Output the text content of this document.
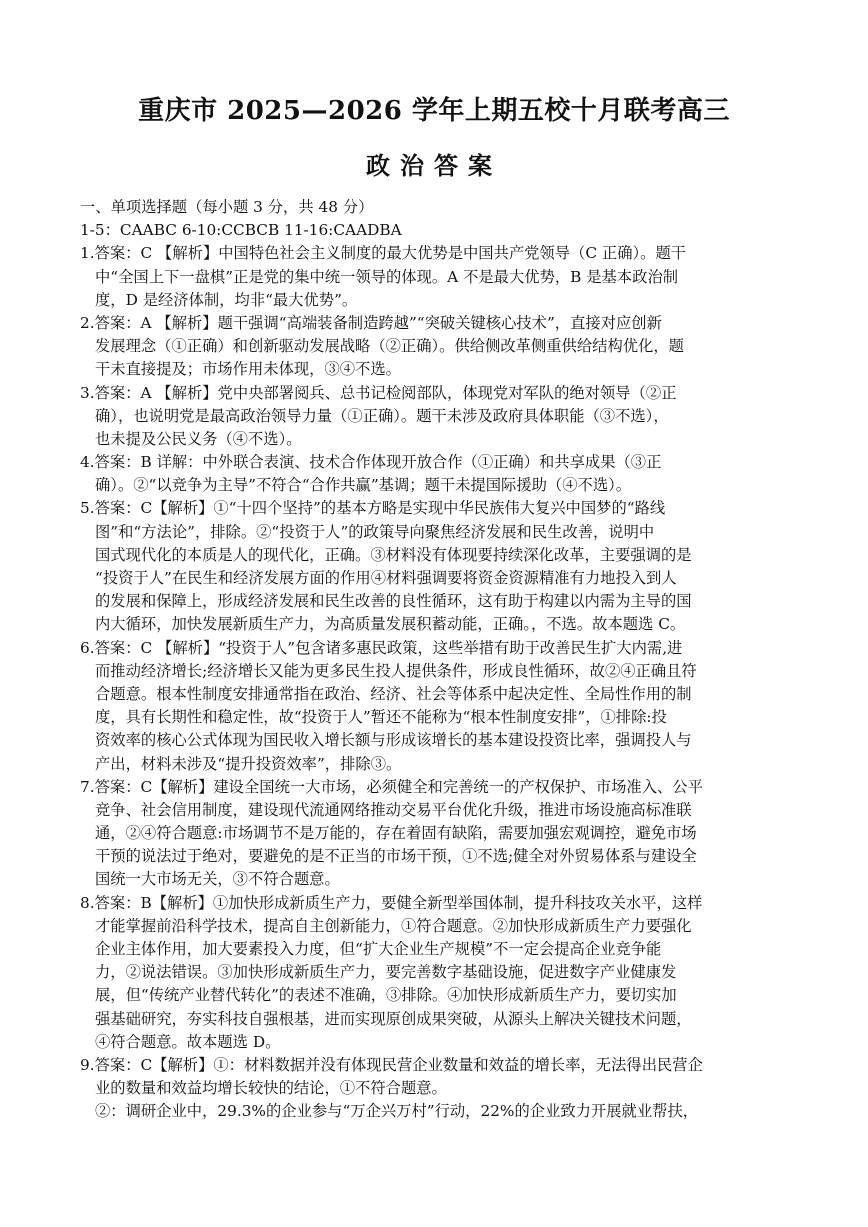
重庆市 2025—2026 学年上期五校十月联考高三
政治答案
一、单项选择题（每小题 3 分，共 48 分）
1-5：CAABC 6-10:CCBCB 11-16:CAADBA
1.答案：C 【解析】中国特色社会主义制度的最大优势是中国共产党领导（C 正确）。题干
中“全国上下一盘棋”正是党的集中统一领导的体现。A 不是最大优势，B 是基本政治制
度，D 是经济体制，均非“最大优势”。
2.答案：A 【解析】题干强调“高端装备制造跨越”“突破关键核心技术”，直接对应创新
发展理念（①正确）和创新驱动发展战略（②正确）。供给侧改革侧重供给结构优化，题
干未直接提及；市场作用未体现，③④不选。
3.答案：A 【解析】党中央部署阅兵、总书记检阅部队，体现党对军队的绝对领导（②正
确），也说明党是最高政治领导力量（①正确）。题干未涉及政府具体职能（③不选），
也未提及公民义务（④不选）。
4.答案：B 详解：中外联合表演、技术合作体现开放合作（①正确）和共享成果（③正
确）。②“以竞争为主导”不符合“合作共赢”基调；题干未提国际援助（④不选）。
5.答案：C【解析】①“十四个坚持”的基本方略是实现中华民族伟大复兴中国梦的“路线
图”和“方法论”，排除。②“投资于人”的政策导向聚焦经济发展和民生改善，说明中
国式现代化的本质是人的现代化，正确。③材料没有体现要持续深化改革，主要强调的是
“投资于人”在民生和经济发展方面的作用④材料强调要将资金资源精准有力地投入到人
的发展和保障上，形成经济发展和民生改善的良性循环，这有助于构建以内需为主导的国
内大循环，加快发展新质生产力，为高质量发展积蓄动能，正确。，不选。故本题选 C。
6.答案：C 【解析】“投资于人”包含诸多惠民政策，这些举措有助于改善民生扩大内需,进
而推动经济增长;经济增长又能为更多民生投人提供条件，形成良性循环，故②④正确且符
合题意。根本性制度安排通常指在政治、经济、社会等体系中起决定性、全局性作用的制
度，具有长期性和稳定性，故“投资于人”暂还不能称为“根本性制度安排”，①排除:投
资效率的核心公式体现为国民收入增长额与形成该增长的基本建设投资比率，强调投人与
产出，材料未涉及“提升投资效率”，排除③。
7.答案：C【解析】建设全国统一大市场，必须健全和完善统一的产权保护、市场准入、公平
竞争、社会信用制度，建设现代流通网络推动交易平台优化升级，推进市场设施高标准联
通，②④符合题意:市场调节不是万能的，存在着固有缺陷，需要加强宏观调控，避免市场
干预的说法过于绝对，要避免的是不正当的市场干预，①不选;健全对外贸易体系与建设全
国统一大市场无关，③不符合题意。
8.答案：B【解析】①加快形成新质生产力，要健全新型举国体制，提升科技攻关水平，这样
才能掌握前沿科学技术，提高自主创新能力，①符合题意。②加快形成新质生产力要强化
企业主体作用，加大要素投入力度，但“扩大企业生产规模”不一定会提高企业竞争能
力，②说法错误。③加快形成新质生产力，要完善数字基础设施，促进数字产业健康发
展，但“传统产业替代转化”的表述不准确，③排除。④加快形成新质生产力，要切实加
强基础研究，夯实科技自强根基，进而实现原创成果突破，从源头上解决关键技术问题，
④符合题意。故本题选 D。
9.答案：C【解析】①：材料数据并没有体现民营企业数量和效益的增长率，无法得出民营企
业的数量和效益均增长较快的结论，①不符合题意。
②：调研企业中，29.3%的企业参与“万企兴万村”行动，22%的企业致力开展就业帮扶，
